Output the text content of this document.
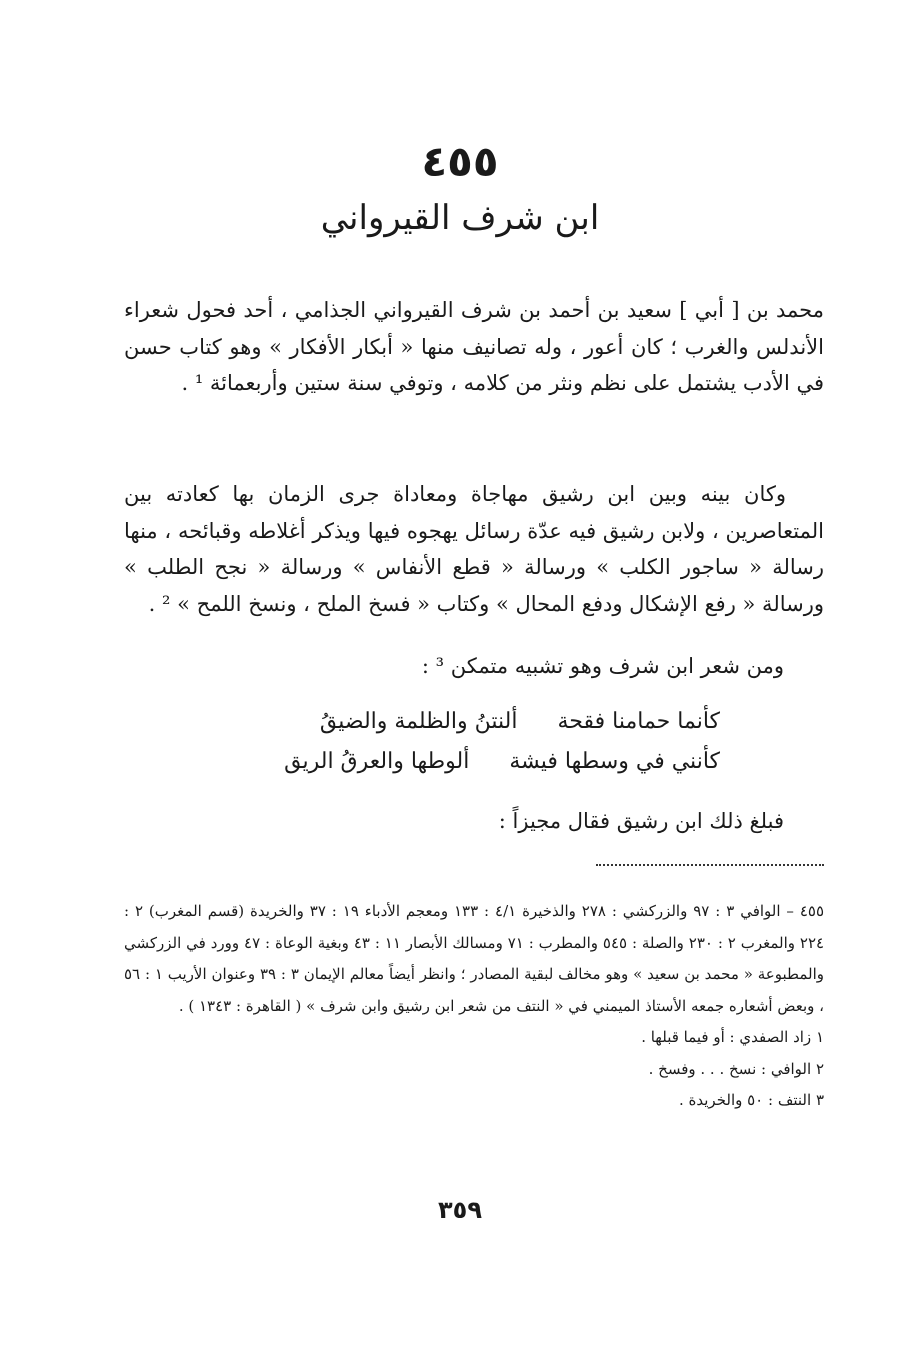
٤٥٥
ابن شرف القيرواني

محمد بن [ أبي ] سعيد بن أحمد بن شرف القيرواني الجذامي ، أحد فحول شعراء الأندلس والغرب ؛ كان أعور ، وله تصانيف منها « أبكار الأفكار » وهو كتاب حسن في الأدب يشتمل على نظم ونثر من كلامه ، وتوفي سنة ستين وأربعمائة ¹ .

وكان بينه وبين ابن رشيق مهاجاة ومعاداة جرى الزمان بها كعادته بين المتعاصرين ، ولابن رشيق فيه عدّة رسائل يهجوه فيها ويذكر أغلاطه وقبائحه ، منها رسالة « ساجور الكلب » ورسالة « قطع الأنفاس » ورسالة « نجح الطلب » ورسالة « رفع الإشكال ودفع المحال » وكتاب « فسخ الملح ، ونسخ اللمح » ² .

ومن شعر ابن شرف وهو تشبيه متمكن ³ :
كأنما حمامنا فقحة
ألنتنُ والظلمة والضيقُ
كأنني في وسطها فيشة
ألوطها والعرقُ الريق
فبلغ ذلك ابن رشيق فقال مجيزاً :

٤٥٥ – الوافي ٣ : ٩٧ والزركشي : ٢٧٨ والذخيرة ٤/١ : ١٣٣ ومعجم الأدباء ١٩ : ٣٧ والخريدة (قسم المغرب) ٢ : ٢٢٤ والمغرب ٢ : ٢٣٠ والصلة : ٥٤٥ والمطرب : ٧١ ومسالك الأبصار ١١ : ٤٣ وبغية الوعاة : ٤٧ وورد في الزركشي والمطبوعة « محمد بن سعيد » وهو مخالف لبقية المصادر ؛ وانظر أيضاً معالم الإيمان ٣ : ٣٩ وعنوان الأريب ١ : ٥٦ ، وبعض أشعاره جمعه الأستاذ الميمني في « النتف من شعر ابن رشيق وابن شرف » ( القاهرة : ١٣٤٣ ) .

١ زاد الصفدي : أو فيما قبلها .

٢ الوافي : نسخ . . . وفسخ .

٣ النتف : ٥٠ والخريدة .

٣٥٩
